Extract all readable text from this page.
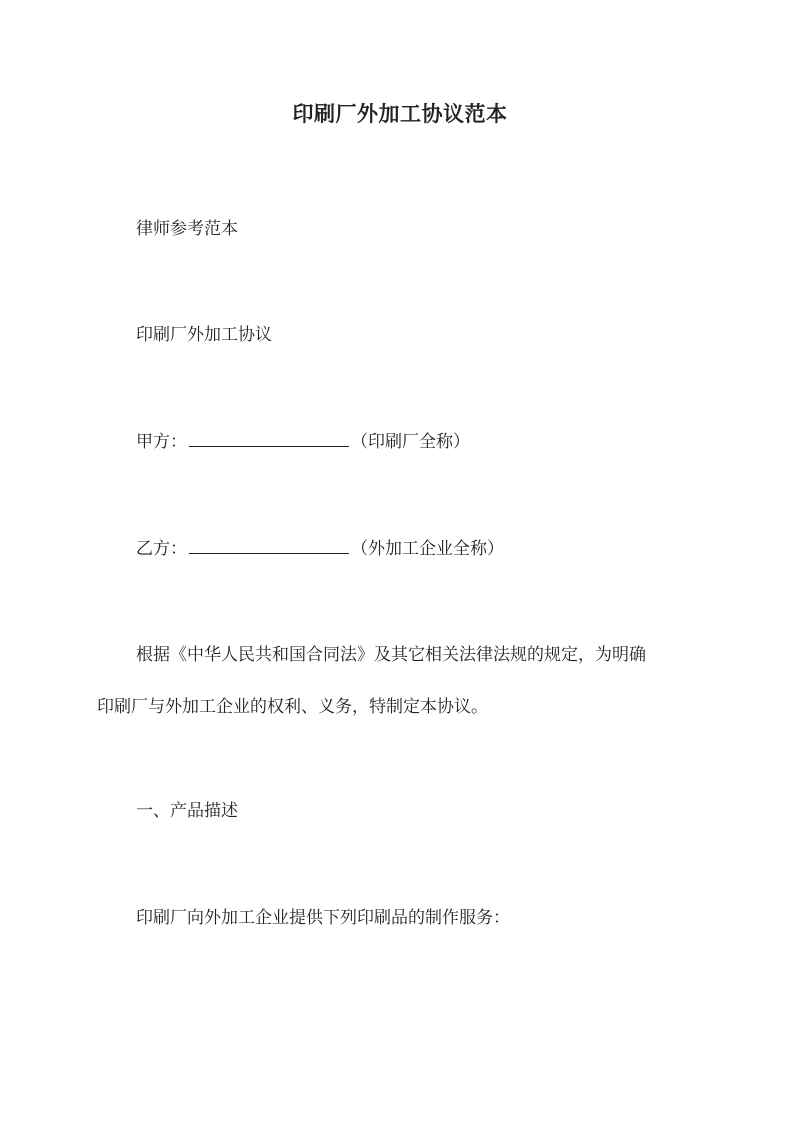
印刷厂外加工协议范本
律师参考范本
印刷厂外加工协议
甲方：	（印刷厂全称）
乙方：	（外加工企业全称）
根据《中华人民共和国合同法》及其它相关法律法规的规定，为明确
印刷厂与外加工企业的权利、义务，特制定本协议。
一、产品描述
印刷厂向外加工企业提供下列印刷品的制作服务：
